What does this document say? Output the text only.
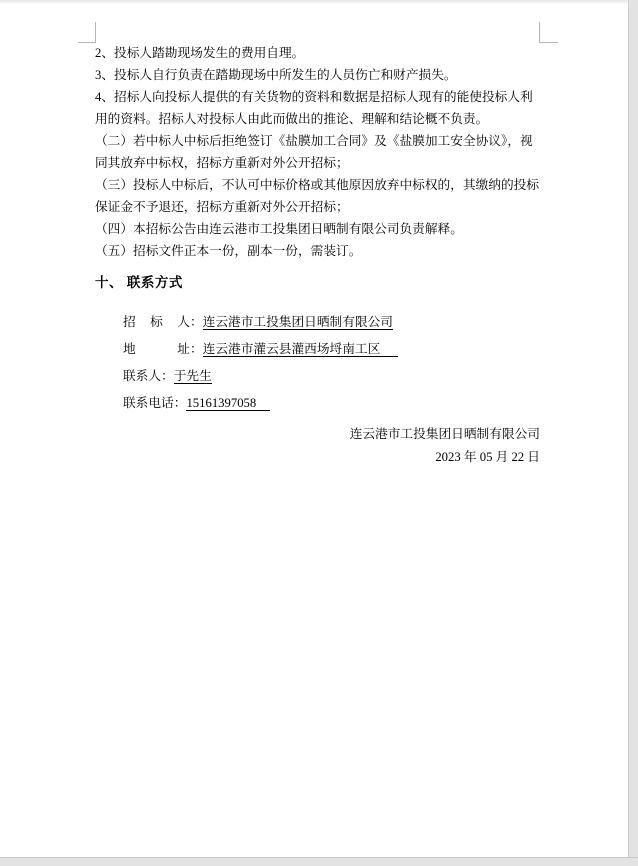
2、投标人踏勘现场发生的费用自理。
3、投标人自行负责在踏勘现场中所发生的人员伤亡和财产损失。
4、招标人向投标人提供的有关货物的资料和数据是招标人现有的能使投标人利
用的资料。招标人对投标人由此而做出的推论、理解和结论概不负责。
（二）若中标人中标后拒绝签订《盐膜加工合同》及《盐膜加工安全协议》，视
同其放弃中标权，招标方重新对外公开招标；
（三）投标人中标后，不认可中标价格或其他原因放弃中标权的，其缴纳的投标
保证金不予退还，招标方重新对外公开招标；
（四）本招标公告由连云港市工投集团日晒制有限公司负责解释。
（五）招标文件正本一份，副本一份，需装订。
十、 联系方式
招标人：连云港市工投集团日晒制有限公司
地址：连云港市灌云县灌西场埒南工区
联系人：于先生
联系电话：15161397058
连云港市工投集团日晒制有限公司
2023 年 05 月 22 日
